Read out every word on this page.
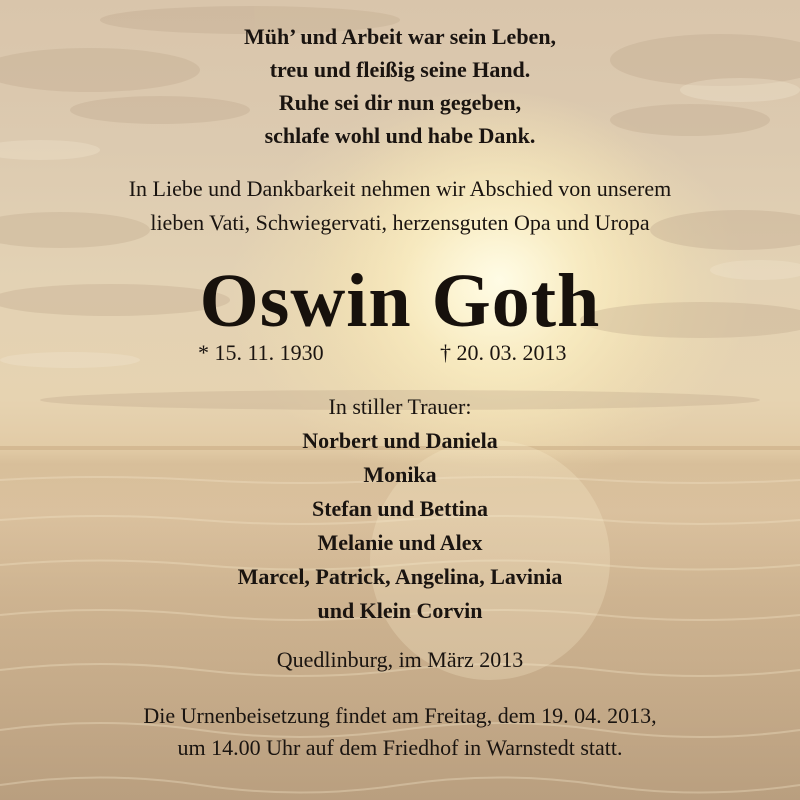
Müh’ und Arbeit war sein Leben,
treu und fleißig seine Hand.
Ruhe sei dir nun gegeben,
schlafe wohl und habe Dank.
In Liebe und Dankbarkeit nehmen wir Abschied von unserem
lieben Vati, Schwiegervati, herzensguten Opa und Uropa
Oswin Goth
* 15. 11. 1930	† 20. 03. 2013
In stiller Trauer:
Norbert und Daniela
Monika
Stefan und Bettina
Melanie und Alex
Marcel, Patrick, Angelina, Lavinia
und Klein Corvin
Quedlinburg, im März 2013
Die Urnenbeisetzung findet am Freitag, dem 19. 04. 2013,
um 14.00 Uhr auf dem Friedhof in Warnstedt statt.
